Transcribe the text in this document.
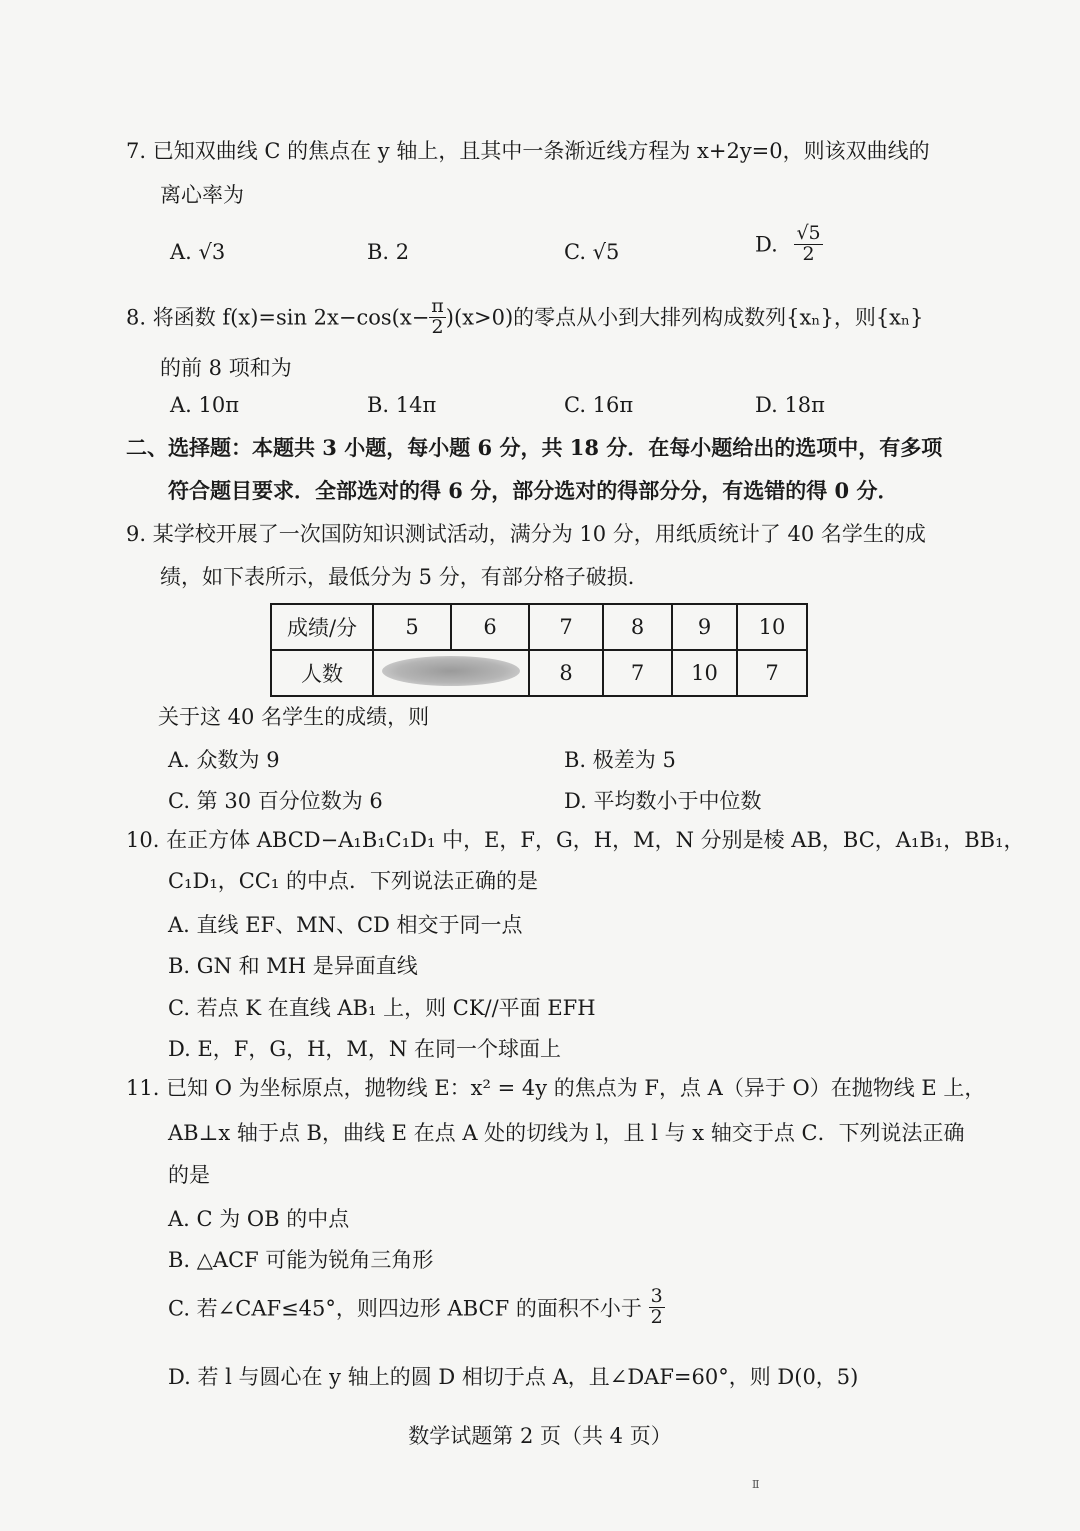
7. 已知双曲线 C 的焦点在 y 轴上，且其中一条渐近线方程为 x+2y=0，则该双曲线的
离心率为
A. √3	B. 2	C. √5	D. $\frac{√5}{2}$
8. 将函数 f(x)=sin $2x-\cos(x- \frac{\pi}{2} )(x>0)$的零点从小到大排列构成数列{xₙ}，则{xₙ}
的前 8 项和为
A. 10π	B. 14π	C. 16π	D. 18π
二、选择题：本题共 3 小题，每小题 6 分，共 18 分．在每小题给出的选项中，有多项
符合题目要求．全部选对的得 6 分，部分选对的得部分分，有选错的得 0 分．
9. 某学校开展了一次国防知识测试活动，满分为 10 分，用纸质统计了 40 名学生的成
绩，如下表所示，最低分为 5 分，有部分格子破损．
成绩/分	5	6	7	8	9	10
人数			8	7	10	7
关于这 40 名学生的成绩，则
A. 众数为 9	B. 极差为 5
C. 第 30 百分位数为 6	D. 平均数小于中位数
10. 在正方体 ABCD−A₁B₁C₁D₁ 中，E，F，G，H，M，N 分别是棱 AB，BC，A₁B₁，BB₁，
C₁D₁，CC₁ 的中点．下列说法正确的是
A. 直线 EF、MN、CD 相交于同一点
B. GN 和 MH 是异面直线
C. 若点 K 在直线 AB₁ 上，则 CK//平面 EFH
D. E，F，G，H，M，N 在同一个球面上
11. 已知 O 为坐标原点，抛物线 E：x² = 4y 的焦点为 F，点 A（异于 O）在抛物线 E 上，
AB⊥x 轴于点 B，曲线 E 在点 A 处的切线为 l，且 l 与 x 轴交于点 C．下列说法正确
的是
A. C 为 OB 的中点
B. △ACF 可能为锐角三角形
C. 若∠CAF≤45°，则四边形 ABCF 的面积不小于 $\frac{3}{2}$
D. 若 l 与圆心在 y 轴上的圆 D 相切于点 A，且∠DAF=60°，则 D(0，5)
数学试题第 2 页（共 4 页）
Ⅱ
